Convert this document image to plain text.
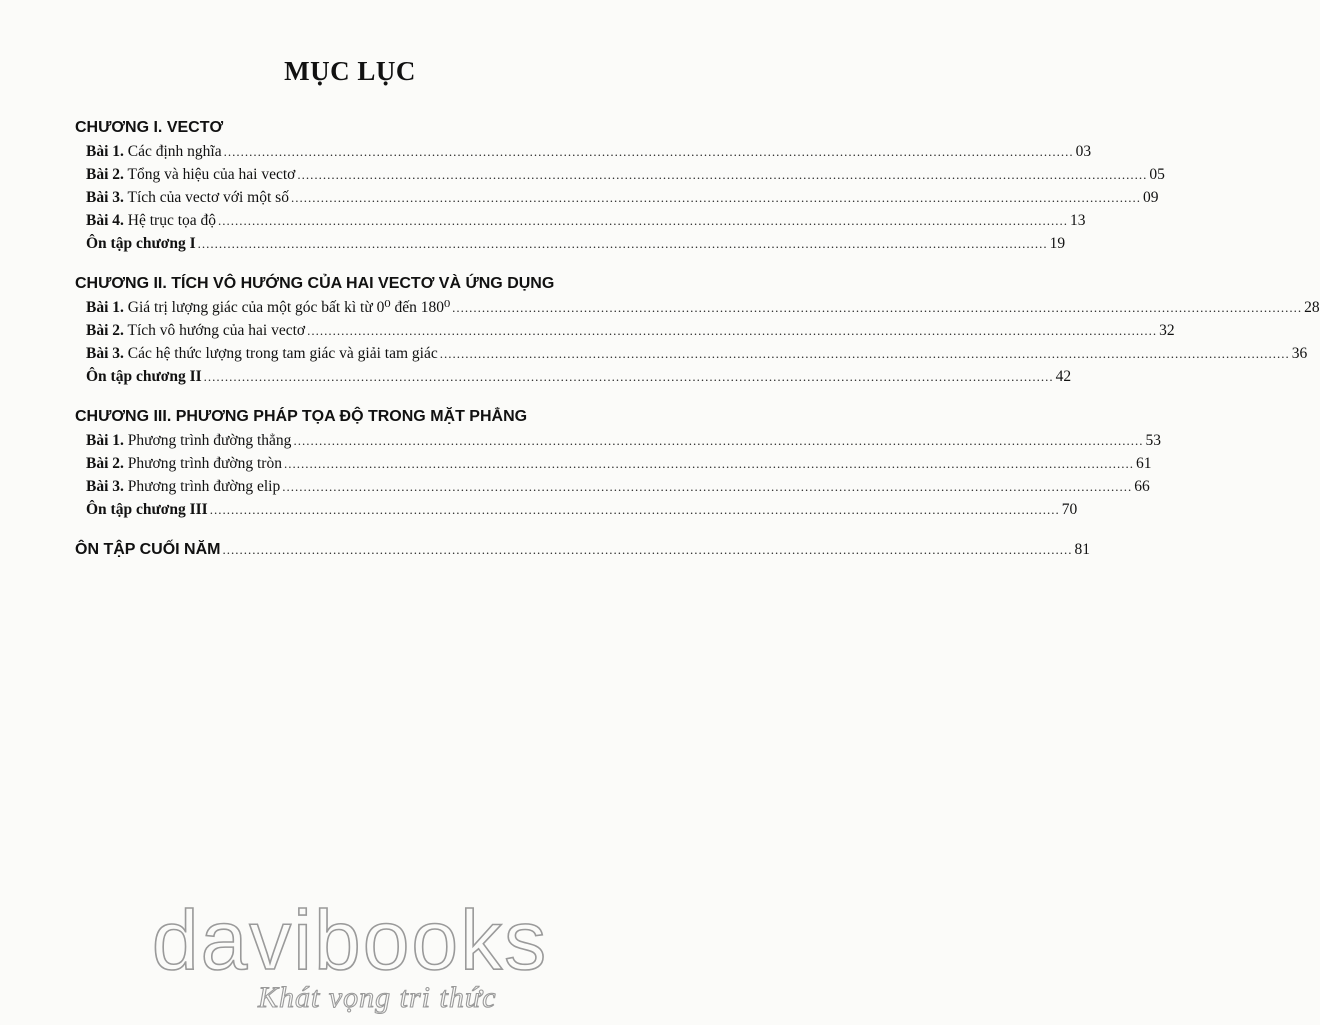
MỤC LỤC
CHƯƠNG I. VECTƠ
Bài 1. Các định nghĩa ........................................................................................................................................................................................................ 03
Bài 2. Tổng và hiệu của hai vectơ ........................................................................................................................................................................................................ 05
Bài 3. Tích của vectơ với một số ........................................................................................................................................................................................................ 09
Bài 4. Hệ trục tọa độ ........................................................................................................................................................................................................ 13
Ôn tập chương I ........................................................................................................................................................................................................ 19
CHƯƠNG II. TÍCH VÔ HƯỚNG CỦA HAI VECTƠ VÀ ỨNG DỤNG
Bài 1. Giá trị lượng giác của một góc bất kì từ 0⁰ đến 180⁰ ........................................................................................................................................................................................................ 28
Bài 2. Tích vô hướng của hai vectơ ........................................................................................................................................................................................................ 32
Bài 3. Các hệ thức lượng trong tam giác và giải tam giác ........................................................................................................................................................................................................ 36
Ôn tập chương II ........................................................................................................................................................................................................ 42
CHƯƠNG III. PHƯƠNG PHÁP TỌA ĐỘ TRONG MẶT PHẲNG
Bài 1. Phương trình đường thẳng ........................................................................................................................................................................................................ 53
Bài 2. Phương trình đường tròn ........................................................................................................................................................................................................ 61
Bài 3. Phương trình đường elip ........................................................................................................................................................................................................ 66
Ôn tập chương III ........................................................................................................................................................................................................ 70
ÔN TẬP CUỐI NĂM ........................................................................................................................................................................................................ 81
davibooks
Khát vọng tri thức
